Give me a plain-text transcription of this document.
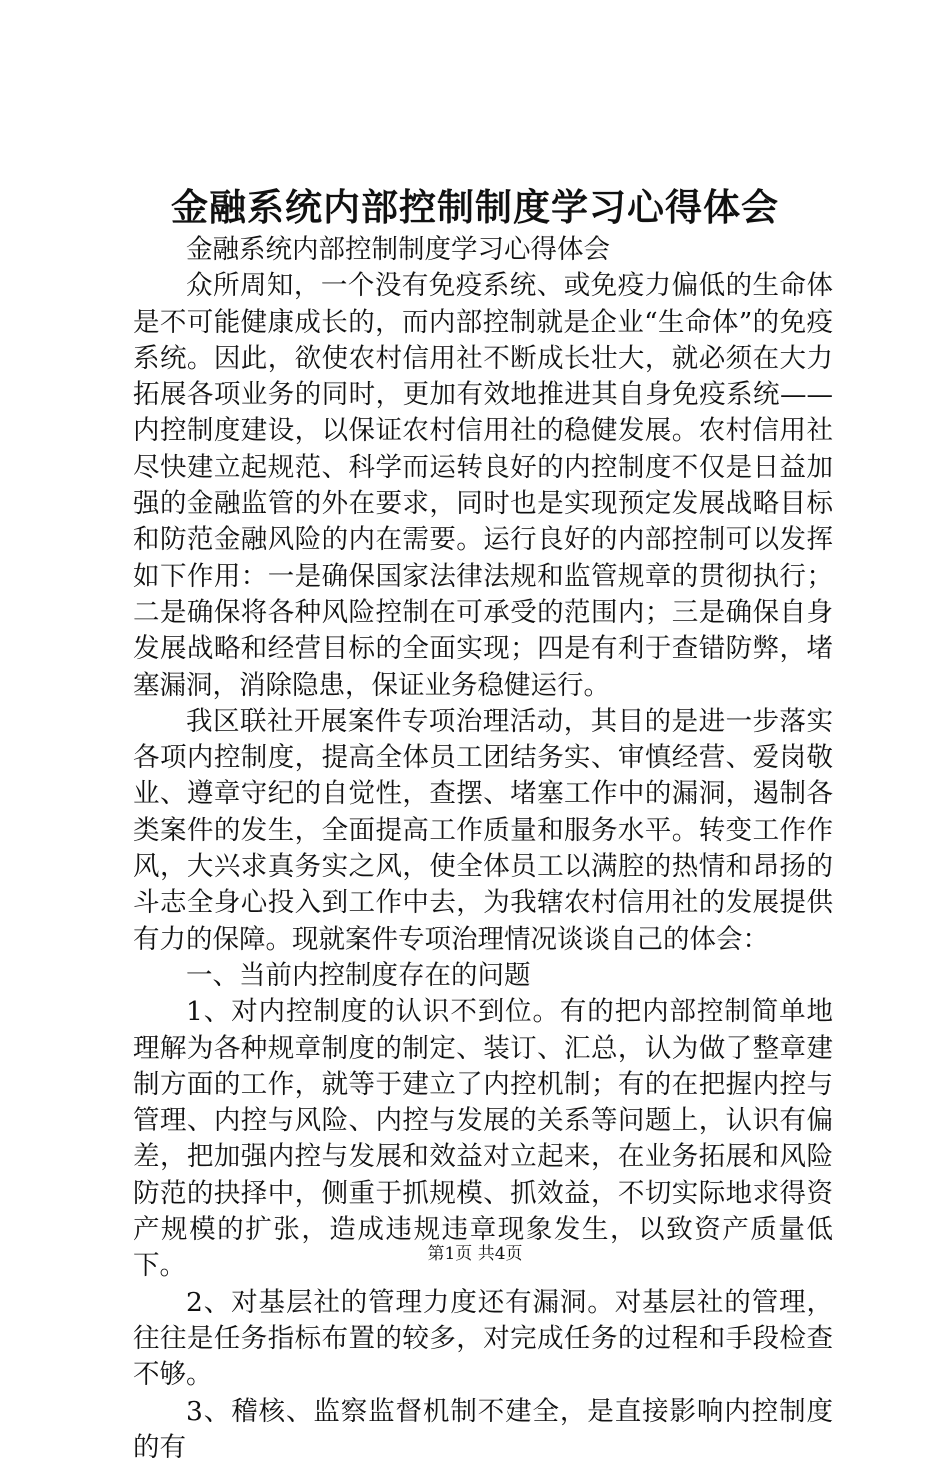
金融系统内部控制制度学习心得体会

金融系统内部控制制度学习心得体会

众所周知，一个没有免疫系统、或免疫力偏低的生命体是不可能健康成长的，而内部控制就是企业“生命体”的免疫系统。因此，欲使农村信用社不断成长壮大，就必须在大力拓展各项业务的同时，更加有效地推进其自身免疫系统——内控制度建设，以保证农村信用社的稳健发展。农村信用社尽快建立起规范、科学而运转良好的内控制度不仅是日益加强的金融监管的外在要求，同时也是实现预定发展战略目标和防范金融风险的内在需要。运行良好的内部控制可以发挥如下作用：一是确保国家法律法规和监管规章的贯彻执行；二是确保将各种风险控制在可承受的范围内；三是确保自身发展战略和经营目标的全面实现；四是有利于查错防弊，堵塞漏洞，消除隐患，保证业务稳健运行。

我区联社开展案件专项治理活动，其目的是进一步落实各项内控制度，提高全体员工团结务实、审慎经营、爱岗敬业、遵章守纪的自觉性，查摆、堵塞工作中的漏洞，遏制各类案件的发生，全面提高工作质量和服务水平。转变工作作风，大兴求真务实之风，使全体员工以满腔的热情和昂扬的斗志全身心投入到工作中去，为我辖农村信用社的发展提供有力的保障。现就案件专项治理情况谈谈自己的体会：

一、当前内控制度存在的问题

1、对内控制度的认识不到位。有的把内部控制简单地理解为各种规章制度的制定、装订、汇总，认为做了整章建制方面的工作，就等于建立了内控机制；有的在把握内控与管理、内控与风险、内控与发展的关系等问题上，认识有偏差，把加强内控与发展和效益对立起来，在业务拓展和风险防范的抉择中，侧重于抓规模、抓效益，不切实际地求得资产规模的扩张，造成违规违章现象发生，以致资产质量低下。

2、对基层社的管理力度还有漏洞。对基层社的管理，往往是任务指标布置的较多，对完成任务的过程和手段检查不够。

3、稽核、监察监督机制不建全，是直接影响内控制度的有

第1页 共4页
